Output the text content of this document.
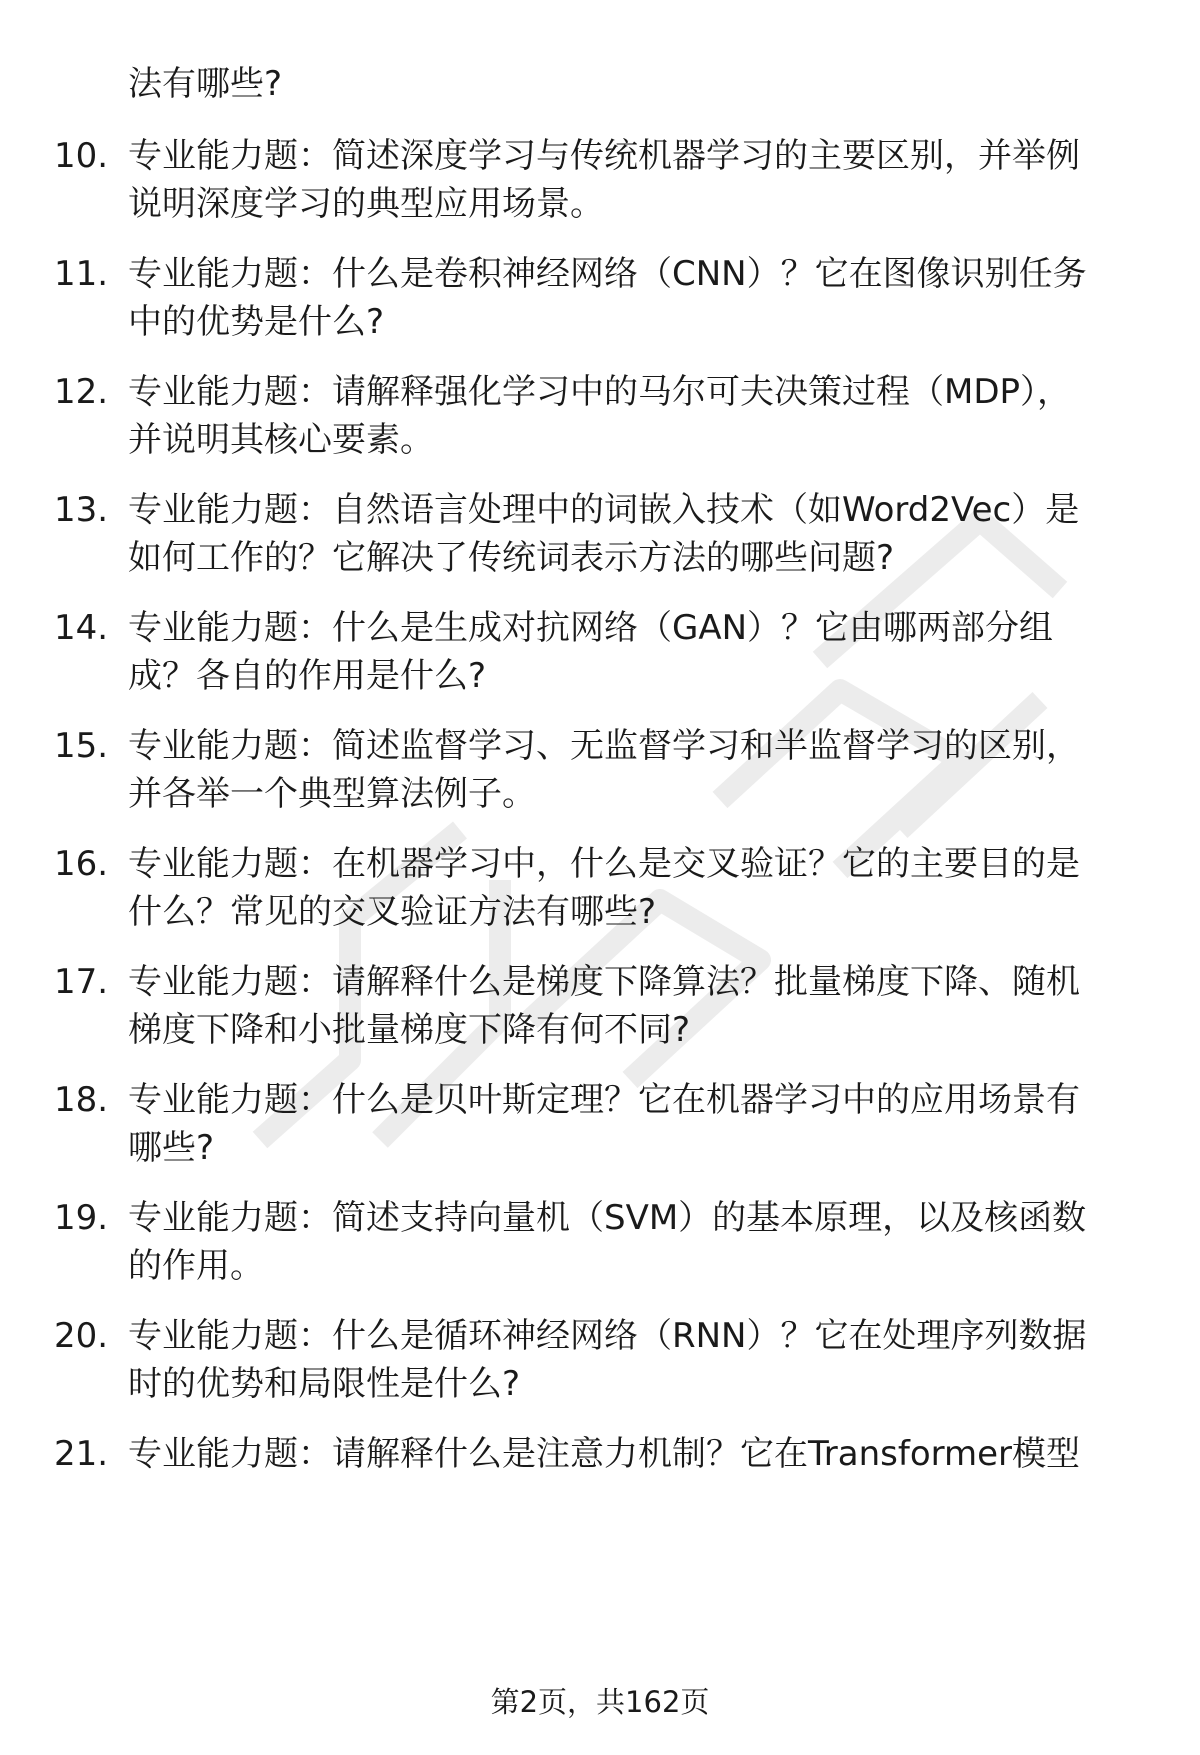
法有哪些?
10. 专业能力题：简述深度学习与传统机器学习的主要区别，并举例
说明深度学习的典型应用场景。
11. 专业能力题：什么是卷积神经网络（CNN）？它在图像识别任务
中的优势是什么?
12. 专业能力题：请解释强化学习中的马尔可夫决策过程（MDP），
并说明其核心要素。
13. 专业能力题：自然语言处理中的词嵌入技术（如Word2Vec）是
如何工作的？它解决了传统词表示方法的哪些问题?
14. 专业能力题：什么是生成对抗网络（GAN）？它由哪两部分组
成？各自的作用是什么?
15. 专业能力题：简述监督学习、无监督学习和半监督学习的区别，
并各举一个典型算法例子。
16. 专业能力题：在机器学习中，什么是交叉验证？它的主要目的是
什么？常见的交叉验证方法有哪些?
17. 专业能力题：请解释什么是梯度下降算法？批量梯度下降、随机
梯度下降和小批量梯度下降有何不同?
18. 专业能力题：什么是贝叶斯定理？它在机器学习中的应用场景有
哪些?
19. 专业能力题：简述支持向量机（SVM）的基本原理，以及核函数
的作用。
20. 专业能力题：什么是循环神经网络（RNN）？它在处理序列数据
时的优势和局限性是什么?
21. 专业能力题：请解释什么是注意力机制？它在Transformer模型
第2页，共162页
